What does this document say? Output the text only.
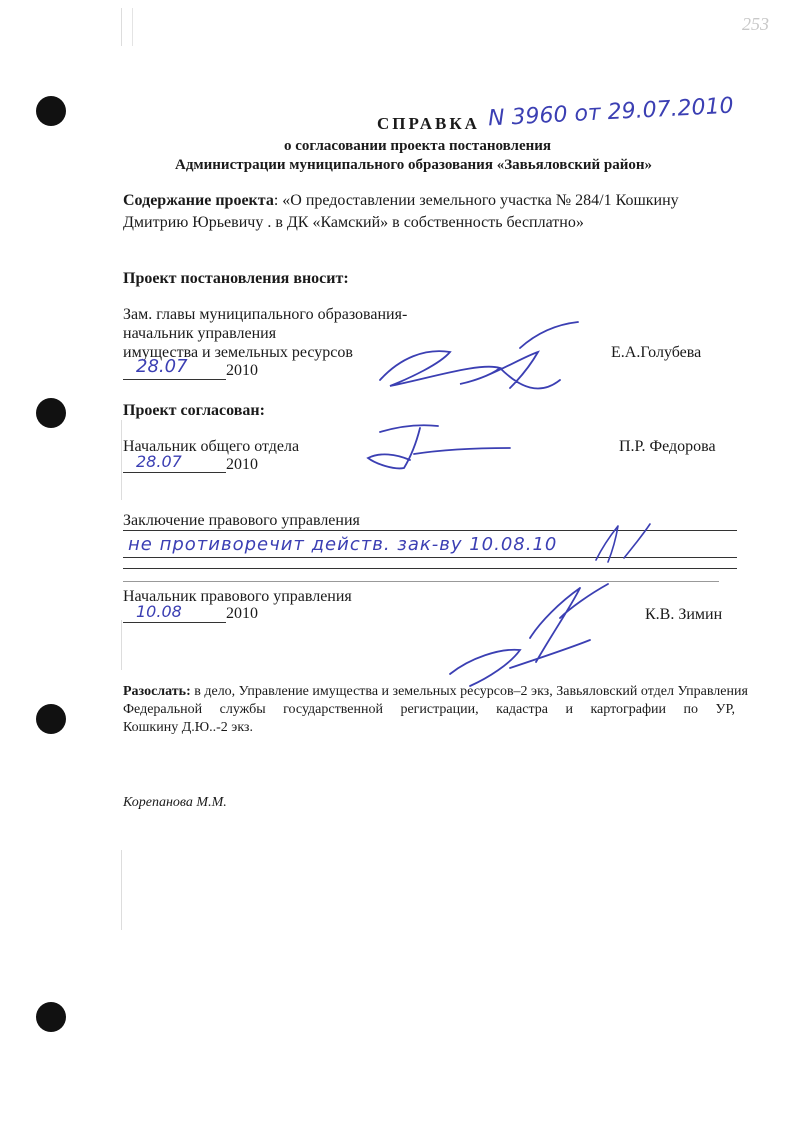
253
СПРАВКА N 3960 от 29.07.2010
о согласовании проекта постановления
Администрации муниципального образования «Завьяловский район»
Содержание проекта: «О предоставлении земельного участка № 284/1 Кошкину
Дмитрию Юрьевичу . в ДК «Камский» в собственность бесплатно»
Проект постановления вносит:
Зам. главы муниципального образования-
начальник управления
имущества и земельных ресурсов
28.07 2010
Е.А.Голубева
Проект согласован:
Начальник общего отдела
28.07	2010
П.Р. Федорова
Заключение правового управления
не противоречит действ. зак-ву 10.08.10
Начальник правового управления
10.08	2010	К.В. Зимин
Разослать: в дело, Управление имущества и земельных ресурсов–2 экз, Завьяловский отдел Управления
Федеральной службы государственной регистрации, кадастра и картографии по УР,
Кошкину Д.Ю..-2 экз.
Корепанова М.М.
